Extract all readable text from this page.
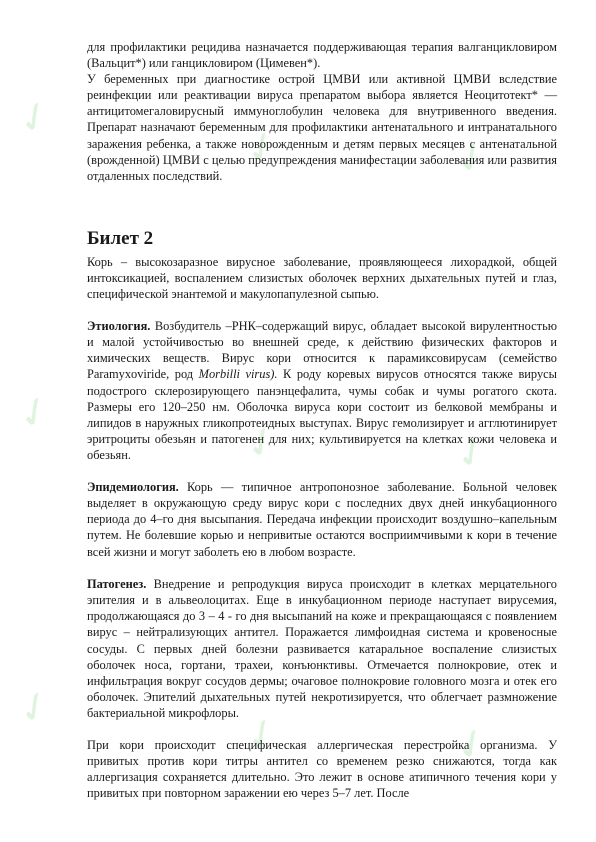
✓
✓	✓
✓
✓	✓
✓	✓	✓
для профилактики рецидива назначается поддерживающая терапия валганцикловиром (Вальцит*) или ганцикловиром (Цимевен*).
У беременных при диагностике острой ЦМВИ или активной ЦМВИ вследствие реинфекции или реактивации вируса препаратом выбора является Неоцитотект* — антицитомегаловирусный иммуноглобулин человека для внутривенного введения. Препарат назначают беременным для профилактики антенатального и интранатального заражения ребенка, а также новорожденным и детям первых месяцев с антенатальной (врожденной) ЦМВИ с целью предупреждения манифестации заболевания или развития отдаленных последствий.
Билет 2
Корь – высокозаразное вирусное заболевание, проявляющееся лихорадкой, общей интоксикацией, воспалением слизистых оболочек верхних дыхательных путей и глаз, специфической энантемой и макулопапулезной сыпью.
Этиология. Возбудитель –РНК–содержащий вирус, обладает высокой вирулентностью и малой устойчивостью во внешней среде, к действию физических факторов и химических веществ. Вирус кори относится к парамиксовирусам (семейство Paramyxoviride, род Morbilli virus). К роду коревых вирусов относятся также вирусы подострого склерозирующего панэнцефалита, чумы собак и чумы рогатого скота. Размеры его 120–250 нм. Оболочка вируса кори состоит из белковой мембраны и липидов в наружных гликопротеидных выступах. Вирус гемолизирует и агглютинирует эритроциты обезьян и патогенен для них; культивируется на клетках кожи человека и обезьян.
Эпидемиология. Корь — типичное антропонозное заболевание. Больной человек выделяет в окружающую среду вирус кори с последних двух дней инкубационного периода до 4–го дня высыпания. Передача инфекции происходит воздушно–капельным путем. Не болевшие корью и непривитые остаются восприимчивыми к кори в течение всей жизни и могут заболеть ею в любом возрасте.
Патогенез. Внедрение и репродукция вируса происходит в клетках мерцательного эпителия и в альвеолоцитах. Еще в инкубационном периоде наступает вирусемия, продолжающаяся до 3 – 4 - го дня высыпаний на коже и прекращающаяся с появлением вирус – нейтрализующих антител. Поражается лимфоидная система и кровеносные сосуды. С первых дней болезни развивается катаральное воспаление слизистых оболочек носа, гортани, трахеи, конъюнктивы. Отмечается полнокровие, отек и инфильтрация вокруг сосудов дермы; очаговое полнокровие головного мозга и отек его оболочек. Эпителий дыхательных путей некротизируется, что облегчает размножение бактериальной микрофлоры.
При кори происходит специфическая аллергическая перестройка организма. У привитых против кори титры антител со временем резко снижаются, тогда как аллергизация сохраняется длительно. Это лежит в основе атипичного течения кори у привитых при повторном заражении ею через 5–7 лет. После
